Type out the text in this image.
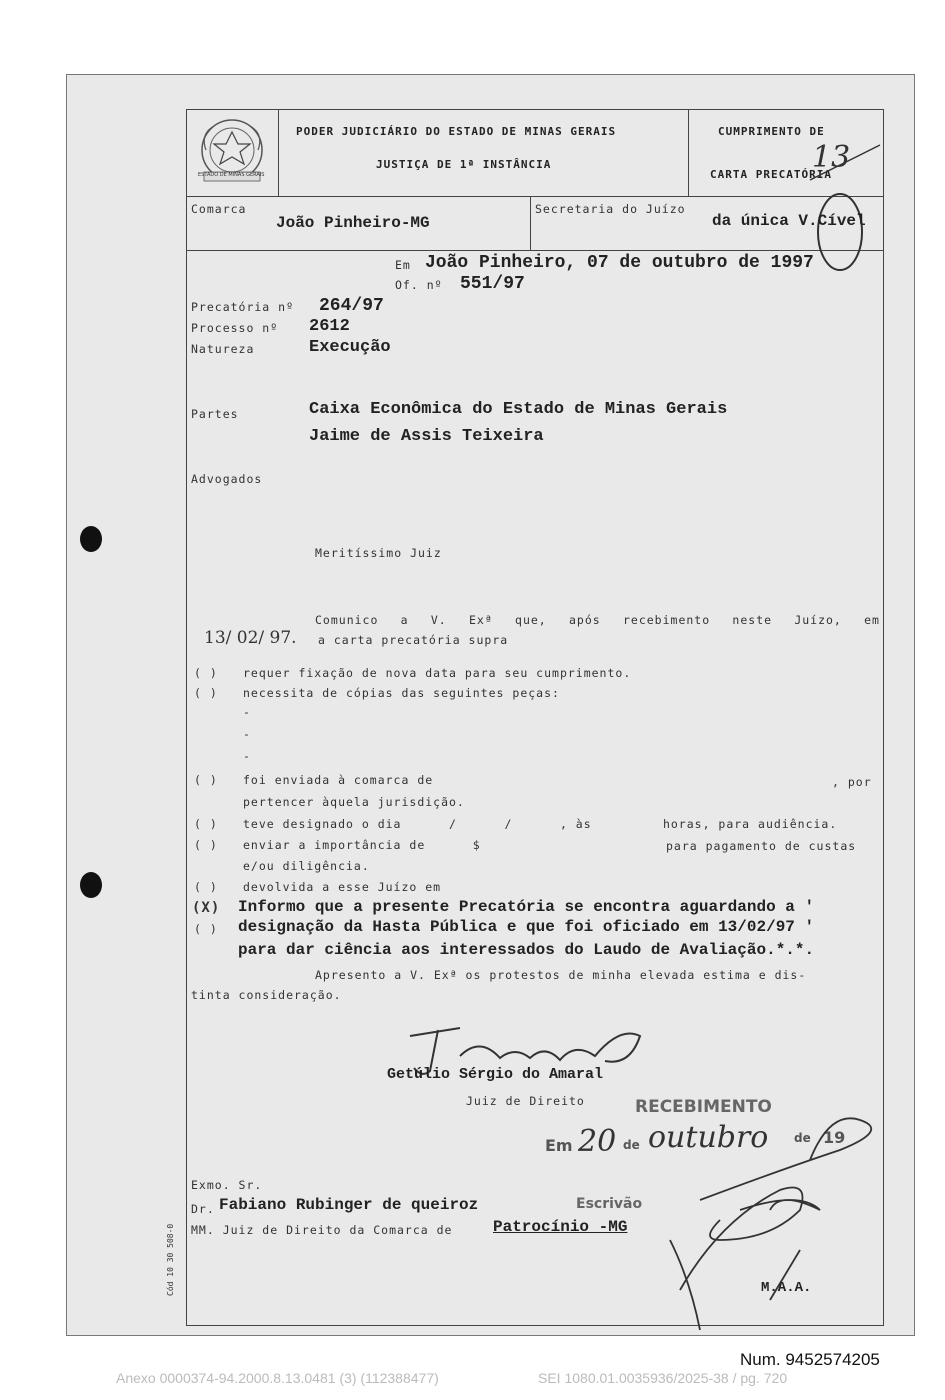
ESTADO DE MINAS GERAIS
PODER JUDICIÁRIO DO ESTADO DE MINAS GERAIS
JUSTIÇA DE 1ª INSTÂNCIA
CUMPRIMENTO DE
CARTA PRECATÓRIA
13
Comarca
João Pinheiro-MG
Secretaria do Juízo
da única V.Cível
Em João Pinheiro, 07 de outubro de 1997
Of. nº 551/97
Precatória nº 264/97
Processo nº 2612
Natureza	Execução
Partes	Caixa Econômica do Estado de Minas Gerais
Jaime de Assis Teixeira
Advogados
Meritíssimo Juiz
Comunico a V. Exª que, após recebimento neste Juízo, em
13/ 02/ 97. a carta precatória supra
( ) requer fixação de nova data para seu cumprimento.
( ) necessita de cópias das seguintes peças:
-
-
-
( ) foi enviada à comarca de	, por
pertencer àquela jurisdição.
( ) teve designado o dia      /      /      , às         horas, para audiência.
( ) enviar a importância de      $	para pagamento de custas
e/ou diligência.
( ) devolvida a esse Juízo em
(X) Informo que a presente Precatória se encontra aguardando a '
( ) designação da Hasta Pública e que foi oficiado em 13/02/97 '
para dar ciência aos interessados do Laudo de Avaliação.*.*.
Apresento a V. Exª os protestos de minha elevada estima e dis-
tinta consideração.
Getúlio Sérgio do Amaral
Juiz de Direito	RECEBIMENTO
Em 20 de outubro de 19
Escrivão
Exmo. Sr.
Dr. Fabiano Rubinger de queiroz
MM. Juiz de Direito da Comarca de	Patrocínio -MG
Cód 10 30 508-0	M.A.A.
Num. 9452574205
Anexo 0000374-94.2000.8.13.0481 (3) (112388477)	SEI 1080.01.0035936/2025-38 / pg. 720
